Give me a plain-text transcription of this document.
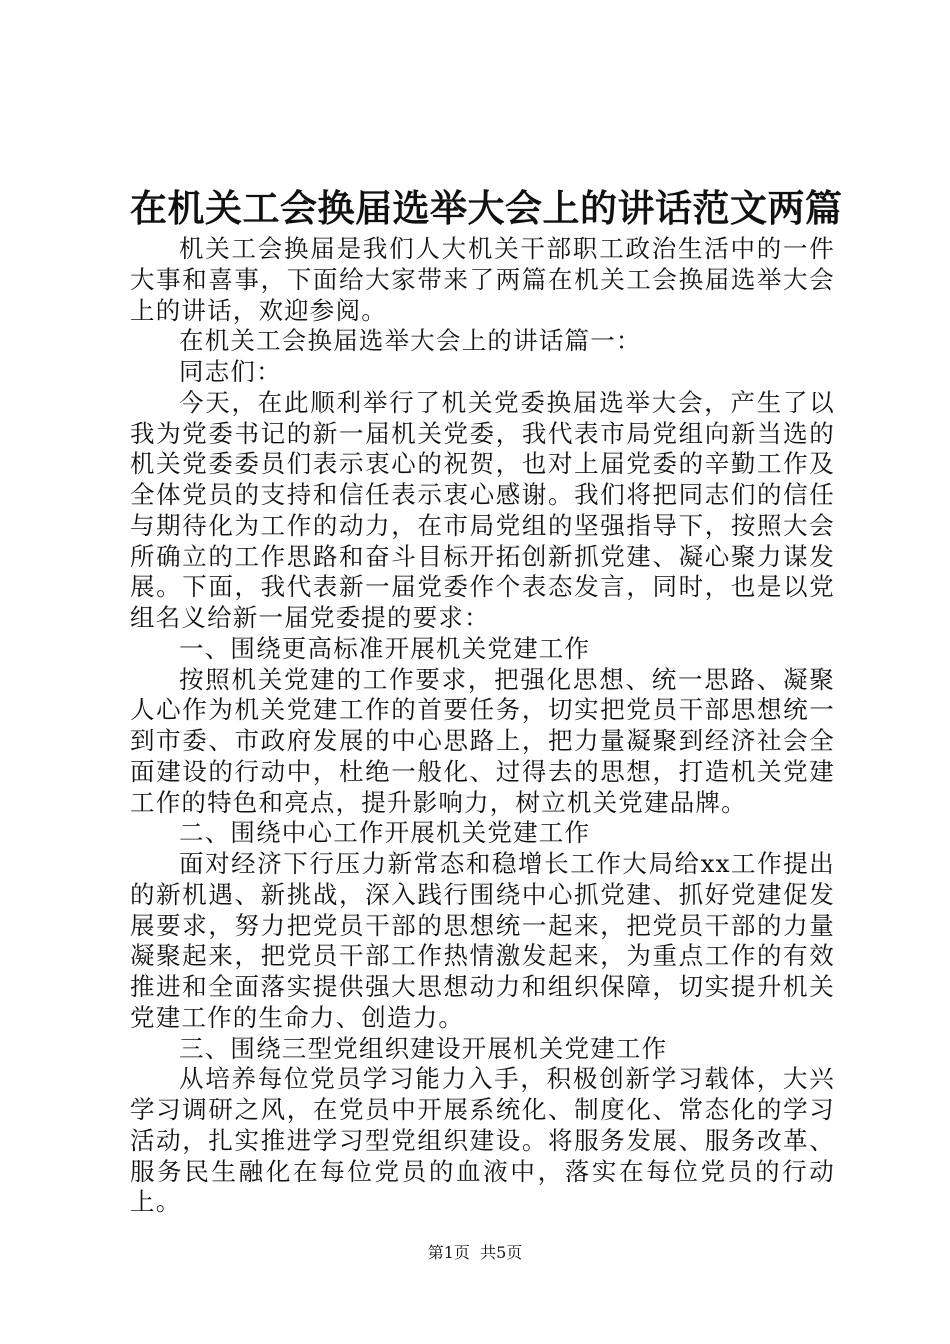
在机关工会换届选举大会上的讲话范文两篇

机关工会换届是我们人大机关干部职工政治生活中的一件大事和喜事，下面给大家带来了两篇在机关工会换届选举大会上的讲话，欢迎参阅。

在机关工会换届选举大会上的讲话篇一：

同志们：

今天，在此顺利举行了机关党委换届选举大会，产生了以我为党委书记的新一届机关党委，我代表市局党组向新当选的机关党委委员们表示衷心的祝贺，也对上届党委的辛勤工作及全体党员的支持和信任表示衷心感谢。我们将把同志们的信任与期待化为工作的动力，在市局党组的坚强指导下，按照大会所确立的工作思路和奋斗目标开拓创新抓党建、凝心聚力谋发展。下面，我代表新一届党委作个表态发言，同时，也是以党组名义给新一届党委提的要求：

一、围绕更高标准开展机关党建工作

按照机关党建的工作要求，把强化思想、统一思路、凝聚人心作为机关党建工作的首要任务，切实把党员干部思想统一到市委、市政府发展的中心思路上，把力量凝聚到经济社会全面建设的行动中，杜绝一般化、过得去的思想，打造机关党建工作的特色和亮点，提升影响力，树立机关党建品牌。

二、围绕中心工作开展机关党建工作

面对经济下行压力新常态和稳增长工作大局给xx工作提出的新机遇、新挑战，深入践行围绕中心抓党建、抓好党建促发展要求，努力把党员干部的思想统一起来，把党员干部的力量凝聚起来，把党员干部工作热情激发起来，为重点工作的有效推进和全面落实提供强大思想动力和组织保障，切实提升机关党建工作的生命力、创造力。

三、围绕三型党组织建设开展机关党建工作

从培养每位党员学习能力入手，积极创新学习载体，大兴学习调研之风，在党员中开展系统化、制度化、常态化的学习活动，扎实推进学习型党组织建设。将服务发展、服务改革、服务民生融化在每位党员的血液中，落实在每位党员的行动上。

第1页  共5页
